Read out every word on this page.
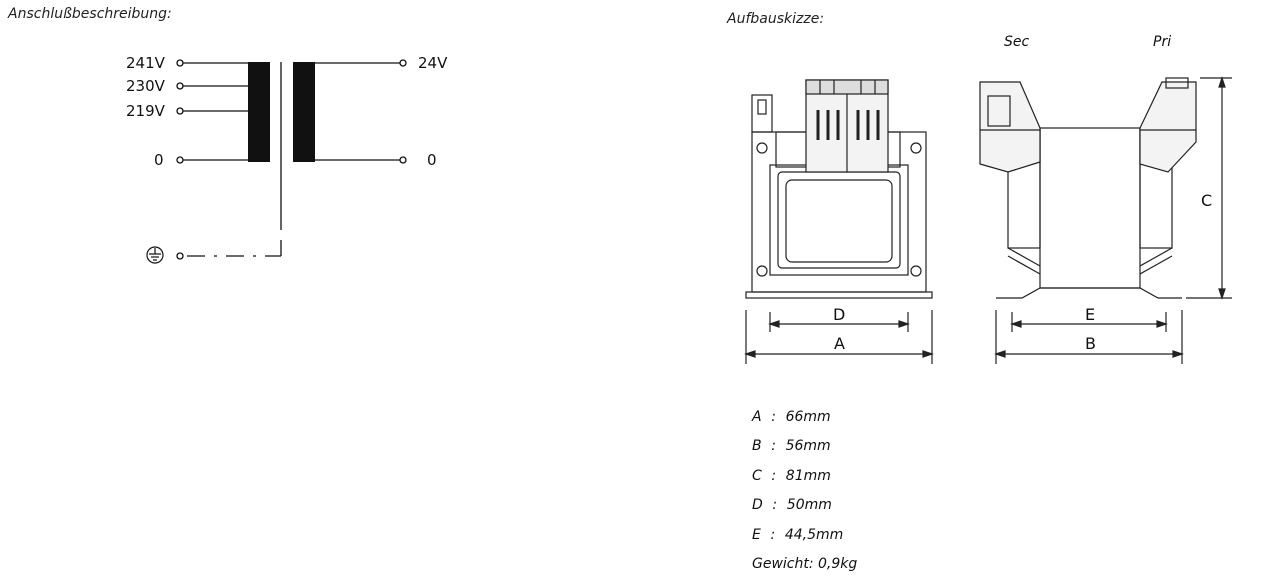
Anschlußbeschreibung:	Aufbauskizze:
241V
230V
219V
0
24V
0
D
A
Sec	Pri
E
B
C
A : 66mm
B : 56mm
C : 81mm
D : 50mm
E : 44,5mm
Gewicht: 0,9kg
